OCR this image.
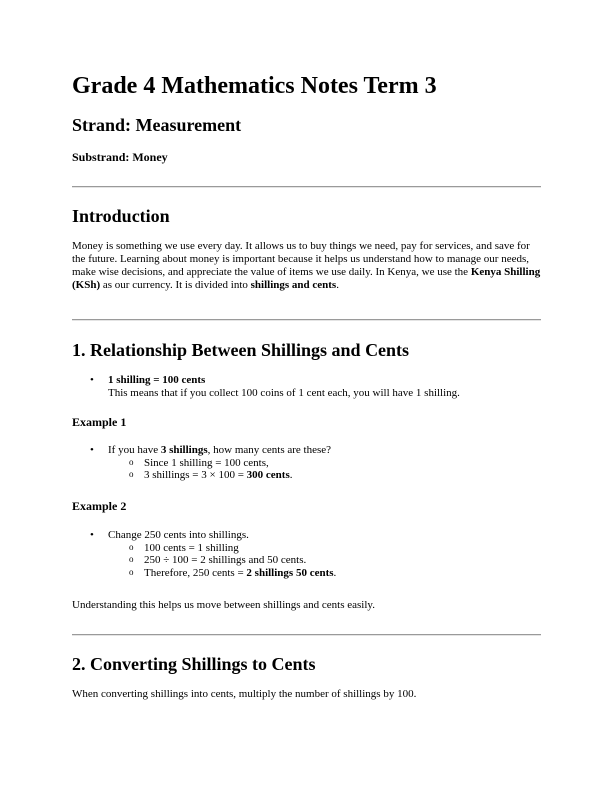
Grade 4 Mathematics Notes Term 3
Strand: Measurement
Substrand: Money
Introduction

Money is something we use every day. It allows us to buy things we need, pay for services, and save for the future. Learning about money is important because it helps us understand how to manage our needs, make wise decisions, and appreciate the value of items we use daily. In Kenya, we use the Kenya Shilling (KSh) as our currency. It is divided into shillings and cents.

1. Relationship Between Shillings and Cents
• 1 shilling = 100 cents
This means that if you collect 100 coins of 1 cent each, you will have 1 shilling.
Example 1
• If you have 3 shillings, how many cents are these?
o Since 1 shilling = 100 cents,
o 3 shillings = 3 × 100 = 300 cents.
Example 2
• Change 250 cents into shillings.
o 100 cents = 1 shilling
o 250 ÷ 100 = 2 shillings and 50 cents.
o Therefore, 250 cents = 2 shillings 50 cents.

Understanding this helps us move between shillings and cents easily.

2. Converting Shillings to Cents

When converting shillings into cents, multiply the number of shillings by 100.
